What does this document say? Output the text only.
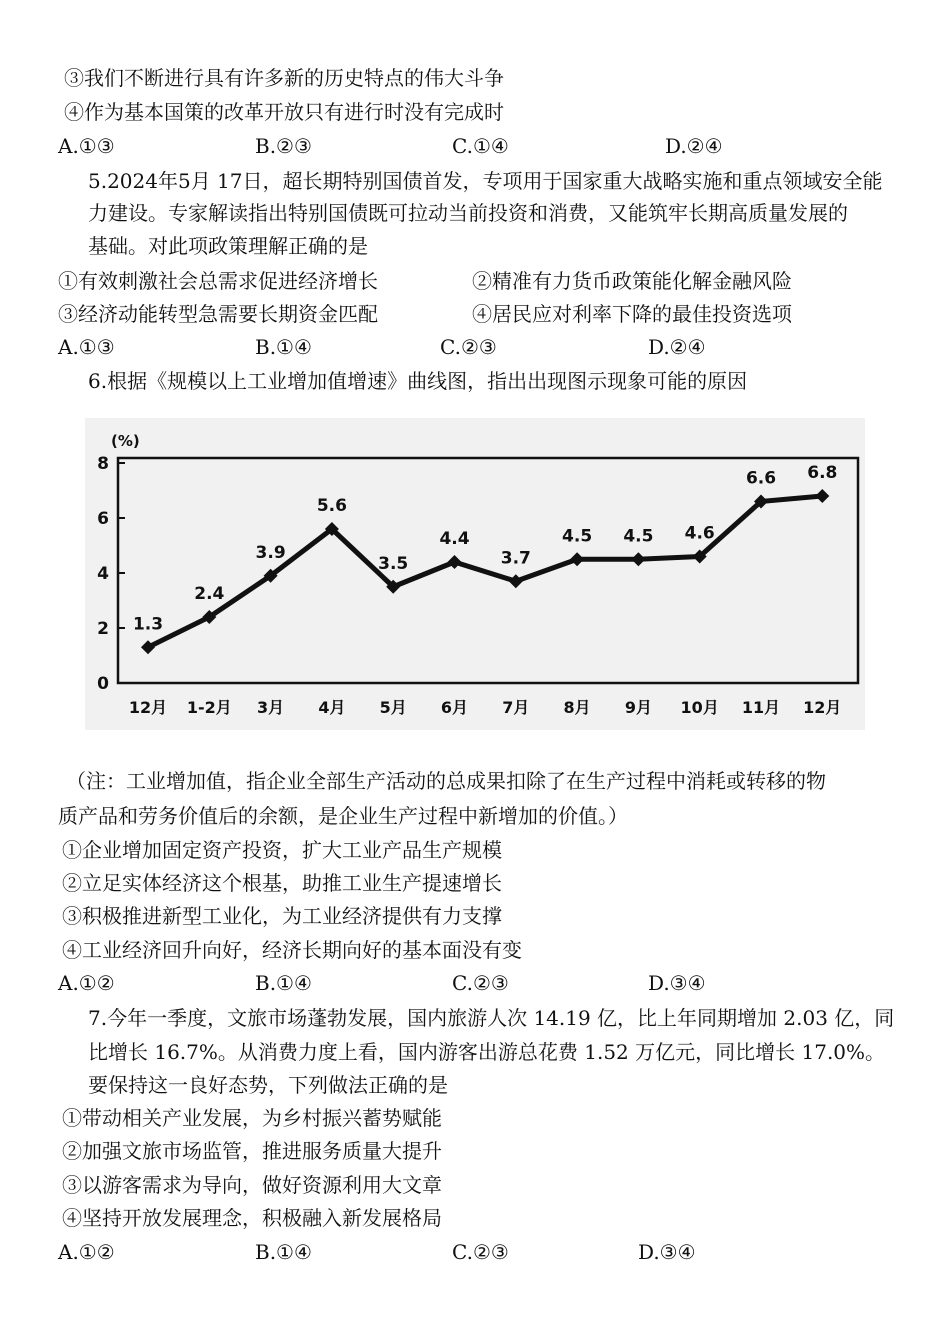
③我们不断进行具有许多新的历史特点的伟大斗争
④作为基本国策的改革开放只有进行时没有完成时
A.①③	B.②③	C.①④	D.②④
5.2024年5月 17日，超长期特别国债首发，专项用于国家重大战略实施和重点领域安全能
力建设。专家解读指出特别国债既可拉动当前投资和消费，又能筑牢长期高质量发展的
基础。对此项政策理解正确的是
①有效刺激社会总需求促进经济增长	②精准有力货币政策能化解金融风险
③经济动能转型急需要长期资金匹配	④居民应对利率下降的最佳投资选项
A.①③	B.①④	C.②③	D.②④
6.根据《规模以上工业增加值增速》曲线图，指出出现图示现象可能的原因
(%)
0
2
4
6
8
12月 1-2月 3月 4月 5月 6月 7月 8月 9月 10月 11月 12月
1.3
2.4
3.9
5.6
3.5
4.4
3.7
4.5 4.5 4.6
6.6 6.8
（注：工业增加值，指企业全部生产活动的总成果扣除了在生产过程中消耗或转移的物
质产品和劳务价值后的余额，是企业生产过程中新增加的价值。）
①企业增加固定资产投资，扩大工业产品生产规模
②立足实体经济这个根基，助推工业生产提速增长
③积极推进新型工业化，为工业经济提供有力支撑
④工业经济回升向好，经济长期向好的基本面没有变
A.①②	B.①④	C.②③	D.③④
7.今年一季度，文旅市场蓬勃发展，国内旅游人次 14.19 亿，比上年同期增加 2.03 亿，同
比增长 16.7%。从消费力度上看，国内游客出游总花费 1.52 万亿元，同比增长 17.0%。
要保持这一良好态势，下列做法正确的是
①带动相关产业发展，为乡村振兴蓄势赋能
②加强文旅市场监管，推进服务质量大提升
③以游客需求为导向，做好资源利用大文章
④坚持开放发展理念，积极融入新发展格局
A.①②	B.①④	C.②③	D.③④
